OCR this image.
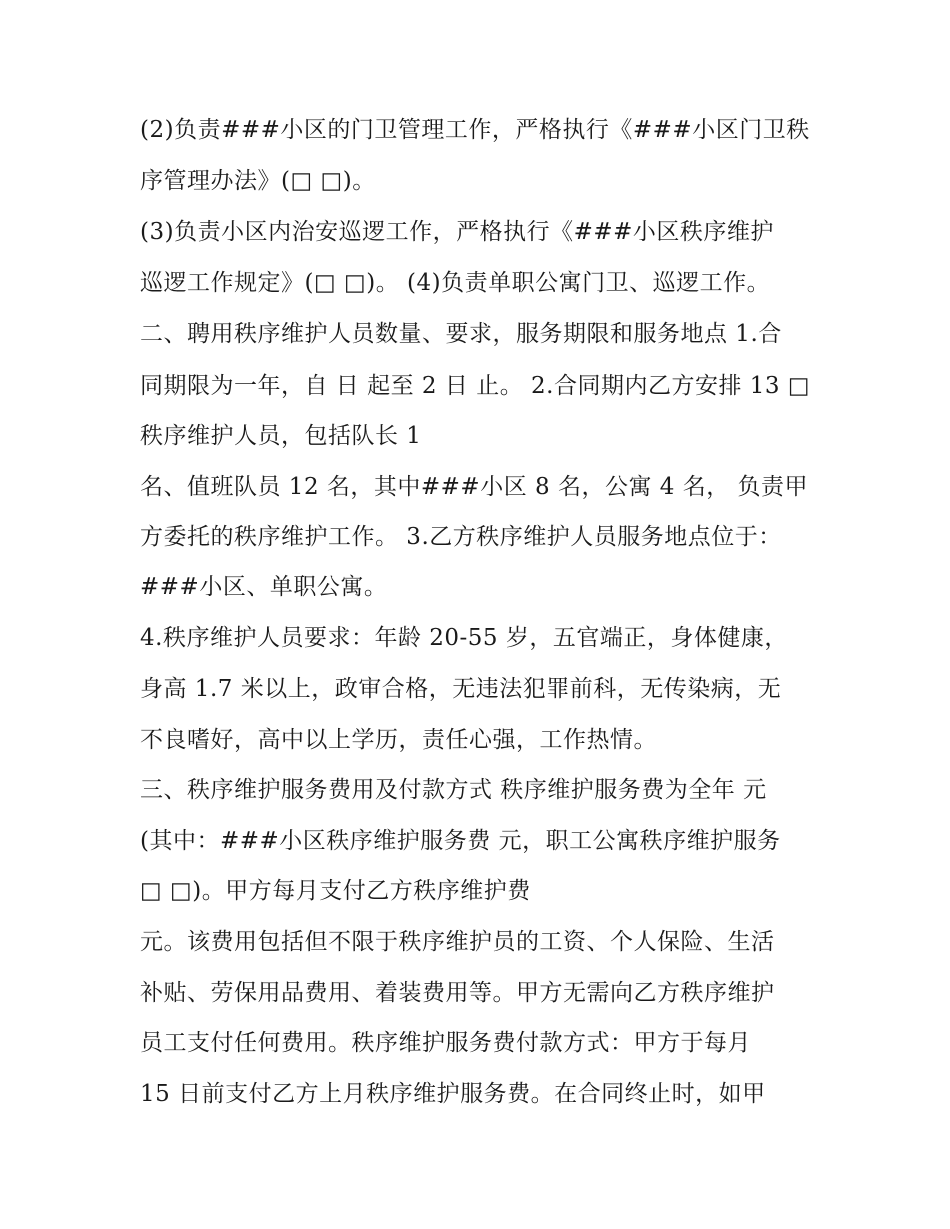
(2)负责###小区的门卫管理工作，严格执行《###小区门卫秩
序管理办法》(□ □)。
(3)负责小区内治安巡逻工作，严格执行《###小区秩序维护
巡逻工作规定》(□ □)。 (4)负责单职公寓门卫、巡逻工作。
二、聘用秩序维护人员数量、要求，服务期限和服务地点 1.合
同期限为一年，自 日 起至 2 日 止。 2.合同期内乙方安排 13 □
秩序维护人员，包括队长 1
名、值班队员 12 名，其中###小区 8 名，公寓 4 名， 负责甲
方委托的秩序维护工作。 3.乙方秩序维护人员服务地点位于：
###小区、单职公寓。
4.秩序维护人员要求：年龄 20-55 岁，五官端正，身体健康，
身高 1.7 米以上，政审合格，无违法犯罪前科，无传染病，无
不良嗜好，高中以上学历，责任心强，工作热情。
三、秩序维护服务费用及付款方式 秩序维护服务费为全年 元
(其中：###小区秩序维护服务费 元，职工公寓秩序维护服务
□ □)。甲方每月支付乙方秩序维护费
元。该费用包括但不限于秩序维护员的工资、个人保险、生活
补贴、劳保用品费用、着装费用等。甲方无需向乙方秩序维护
员工支付任何费用。秩序维护服务费付款方式：甲方于每月
15 日前支付乙方上月秩序维护服务费。在合同终止时，如甲
